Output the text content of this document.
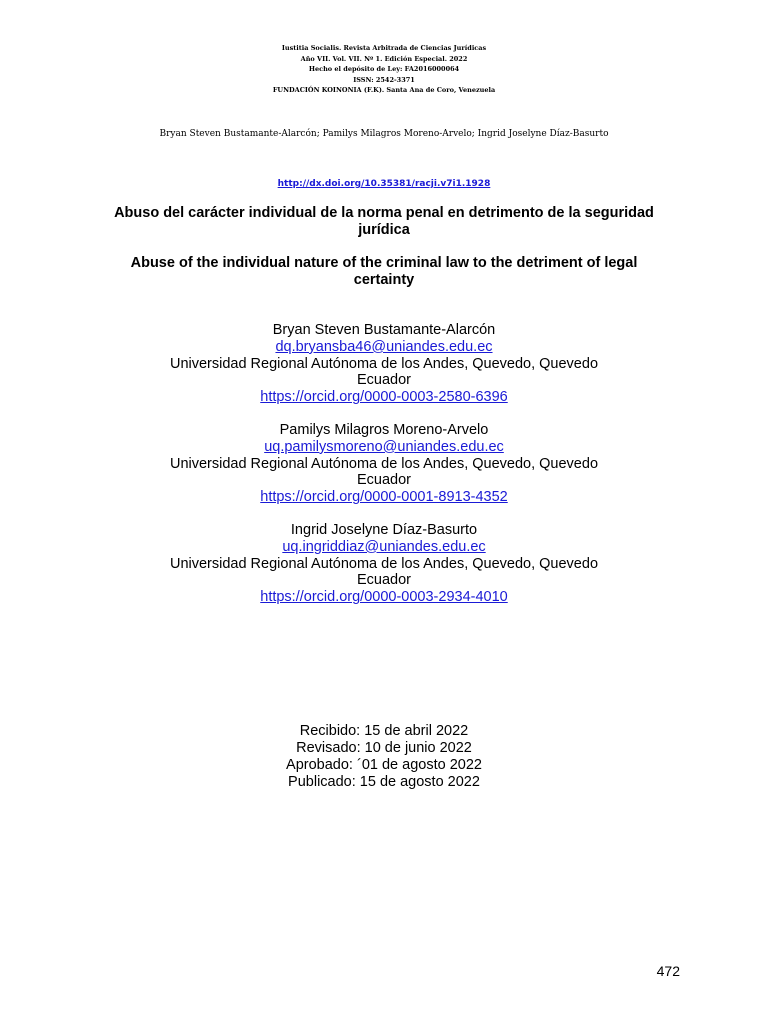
Iustitia Socialis. Revista Arbitrada de Ciencias Jurídicas
Año VII. Vol. VII. Nº 1. Edición Especial. 2022
Hecho el depósito de Ley: FA2016000064
ISSN: 2542-3371
FUNDACIÓN KOINONIA (F.K). Santa Ana de Coro, Venezuela
Bryan Steven Bustamante-Alarcón; Pamilys Milagros Moreno-Arvelo; Ingrid Joselyne Díaz-Basurto
http://dx.doi.org/10.35381/racji.v7i1.1928
Abuso del carácter individual de la norma penal en detrimento de la seguridad jurídica
Abuse of the individual nature of the criminal law to the detriment of legal certainty
Bryan Steven Bustamante-Alarcón
dq.bryansba46@uniandes.edu.ec
Universidad Regional Autónoma de los Andes, Quevedo, Quevedo
Ecuador
https://orcid.org/0000-0003-2580-6396
Pamilys Milagros Moreno-Arvelo
uq.pamilysmoreno@uniandes.edu.ec
Universidad Regional Autónoma de los Andes, Quevedo, Quevedo
Ecuador
https://orcid.org/0000-0001-8913-4352
Ingrid Joselyne Díaz-Basurto
uq.ingriddiaz@uniandes.edu.ec
Universidad Regional Autónoma de los Andes, Quevedo, Quevedo
Ecuador
https://orcid.org/0000-0003-2934-4010
Recibido: 15 de abril 2022
Revisado: 10 de junio 2022
Aprobado: ´01 de agosto 2022
Publicado: 15 de agosto 2022
472
